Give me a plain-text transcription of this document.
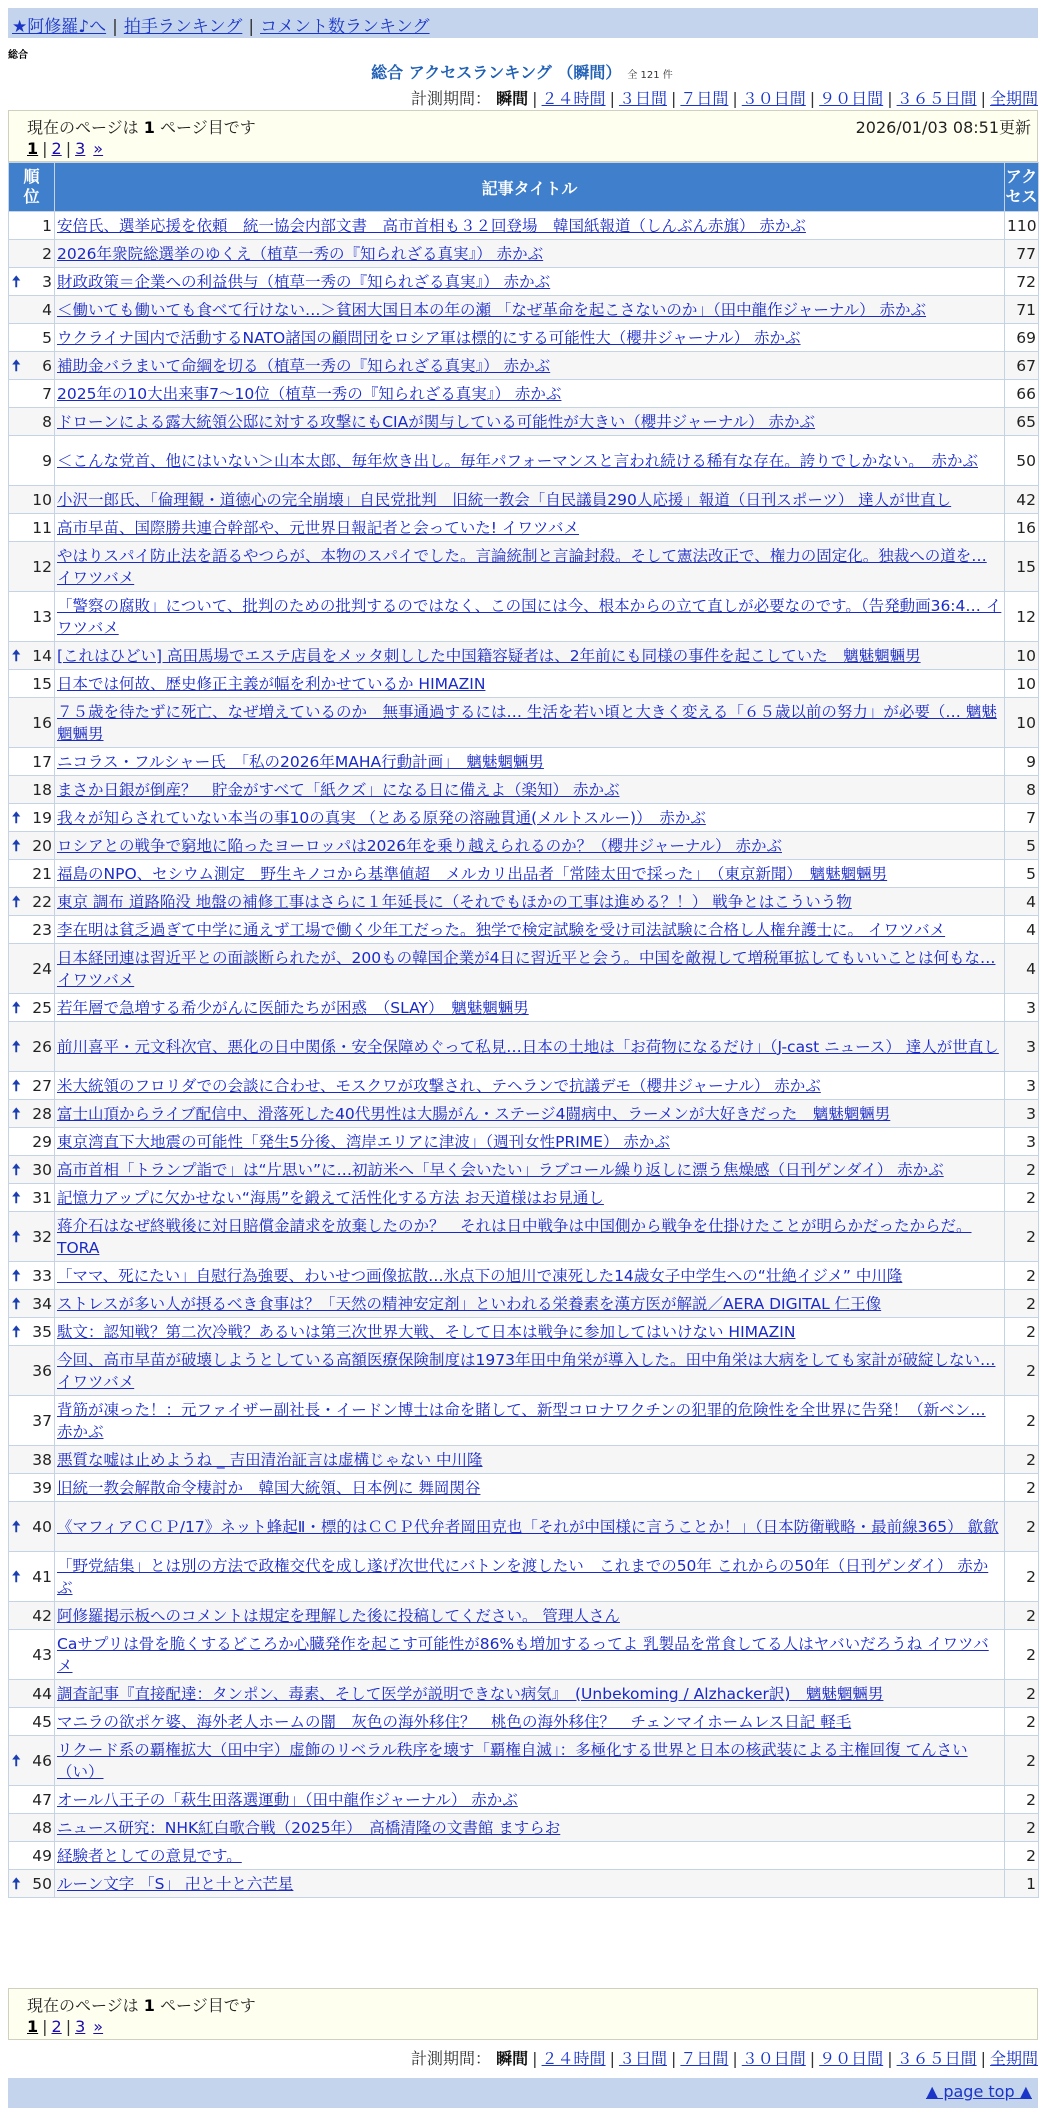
★阿修羅♪へ | 拍手ランキング | コメント数ランキング
総合
総合 アクセスランキング （瞬間） 全 121 件
計測期間： 瞬間 | ２４時間 | ３日間 | ７日間 | ３０日間 | ９０日間 | ３６５日間 | 全期間
現在のページは 1 ページ目です	2026/01/03 08:51更新
1 | 2 | 3 »
順位	記事タイトル	アクセス
1	安倍氏、選挙応援を依頼　統一協会内部文書　高市首相も３２回登場　韓国紙報道（しんぶん赤旗） 赤かぶ	110
2	2026年衆院総選挙のゆくえ（植草一秀の『知られざる真実』） 赤かぶ	77

🠅 3	財政政策＝企業への利益供与（植草一秀の『知られざる真実』） 赤かぶ	72
4	＜働いても働いても食べて行けない…＞貧困大国日本の年の瀬 「なぜ革命を起こさないのか」（田中龍作ジャーナル） 赤かぶ	71
5	ウクライナ国内で活動するNATO諸国の顧問団をロシア軍は標的にする可能性大（櫻井ジャーナル） 赤かぶ	69

🠅 6	補助金バラまいて命綱を切る（植草一秀の『知られざる真実』） 赤かぶ	67
7	2025年の10大出来事7〜10位（植草一秀の『知られざる真実』） 赤かぶ	66
8	ドローンによる露大統領公邸に対する攻撃にもCIAが関与している可能性が大きい（櫻井ジャーナル） 赤かぶ	65
9	＜こんな党首、他にはいない＞山本太郎、毎年炊き出し。毎年パフォーマンスと言われ続ける稀有な存在。誇りでしかない。　赤かぶ	50
10	小沢一郎氏、「倫理観・道徳心の完全崩壊」自民党批判　旧統一教会「自民議員290人応援」報道（日刊スポーツ） 達人が世直し	42
11	高市早苗、国際勝共連合幹部や、元世界日報記者と会っていた! イワツバメ	16
12	やはりスパイ防止法を語るやつらが、本物のスパイでした。言論統制と言論封殺。そして憲法改正で、権力の固定化。独裁への道を… イワツバメ	15
13	「警察の腐敗」について、批判のための批判するのではなく、この国には今、根本からの立て直しが必要なのです。（告発動画36:4… イワツバメ	12

🠅 14	[これはひどい] 高田馬場でエステ店員をメッタ刺しした中国籍容疑者は、2年前にも同様の事件を起こしていた　魑魅魍魎男	10
15	日本では何故、歴史修正主義が幅を利かせているか HIMAZIN	10
16	７５歳を待たずに死亡、なぜ増えているのか　無事通過するには… 生活を若い頃と大きく変える「６５歳以前の努力」が必要（… 魑魅魍魎男	10
17	ニコラス・フルシャー氏　「私の2026年MAHA行動計画」　魑魅魍魎男	9
18	まさか日銀が倒産？　貯金がすべて「紙クズ」になる日に備えよ（楽知） 赤かぶ	8

🠅 19	我々が知らされていない本当の事10の真実 （とある原発の溶融貫通(メルトスルー)）　赤かぶ	7

🠅 20	ロシアとの戦争で窮地に陥ったヨーロッパは2026年を乗り越えられるのか？（櫻井ジャーナル） 赤かぶ	5
21	福島のNPO、セシウム測定　野生キノコから基準値超　メルカリ出品者「常陸太田で採った」　（東京新聞）　魑魅魍魎男	5

🠅 22	東京 調布 道路陥没 地盤の補修工事はさらに１年延長に（それでもほかの工事は進める？！） 戦争とはこういう物	4
23	李在明は貧乏過ぎて中学に通えず工場で働く少年工だった。独学で検定試験を受け司法試験に合格し人権弁護士に。 イワツバメ	4
24	日本経団連は習近平との面談断られたが、200もの韓国企業が4日に習近平と会う。中国を敵視して増税軍拡してもいいことは何もな… イワツバメ	4

🠅 25	若年層で急増する希少がんに医師たちが困惑　（SLAY）　魑魅魍魎男	3

🠅 26	前川喜平・元文科次官、悪化の日中関係・安全保障めぐって私見…日本の土地は「お荷物になるだけ」（J-cast ニュース） 達人が世直し	3

🠅 27	米大統領のフロリダでの会談に合わせ、モスクワが攻撃され、テヘランで抗議デモ（櫻井ジャーナル） 赤かぶ	3

🠅 28	富士山頂からライブ配信中、滑落死した40代男性は大腸がん・ステージ4闘病中、ラーメンが大好きだった　魑魅魍魎男	3
29	東京湾直下大地震の可能性「発生5分後、湾岸エリアに津波」（週刊女性PRIME） 赤かぶ	3

🠅 30	高市首相「トランプ詣で」は“片思い”に…初訪米へ「早く会いたい」ラブコール繰り返しに漂う焦燥感（日刊ゲンダイ） 赤かぶ	2

🠅 31	記憶力アップに欠かせない“海馬”を鍛えて活性化する方法 お天道様はお見通し	2

🠅 32	蒋介石はなぜ終戦後に対日賠償金請求を放棄したのか？　それは日中戦争は中国側から戦争を仕掛けたことが明らかだったからだ。 TORA	2

🠅 33	「ママ、死にたい」自慰行為強要、わいせつ画像拡散…氷点下の旭川で凍死した14歳女子中学生への“壮絶イジメ” 中川隆	2

🠅 34	ストレスが多い人が摂るべき食事は？「天然の精神安定剤」といわれる栄養素を漢方医が解説／AERA DIGITAL 仁王像	2

🠅 35	駄文：認知戦？第二次冷戦？あるいは第三次世界大戦、そして日本は戦争に参加してはいけない HIMAZIN	2
36	今回、高市早苗が破壊しようとしている高額医療保険制度は1973年田中角栄が導入した。田中角栄は大病をしても家計が破綻しない… イワツバメ	2
37	背筋が凍った！：元ファイザー副社長・イードン博士は命を賭して、新型コロナワクチンの犯罪的危険性を全世界に告発！（新ベン… 赤かぶ	2
38	悪質な嘘は止めようね _ 吉田清治証言は虚構じゃない 中川隆	2
39	旧統一教会解散命令棲討か　韓国大統領、日本例に 舞岡関谷	2

🠅 40	《マフィアＣＣＰ/17》ネット蜂起Ⅱ・標的はＣＣＰ代弁者岡田克也「それが中国様に言うことか！」（日本防衛戦略・最前線365） 歙歙	2

🠅 41	「野党結集」とは別の方法で政権交代を成し遂げ次世代にバトンを渡したい　これまでの50年 これからの50年（日刊ゲンダイ） 赤かぶ	2
42	阿修羅掲示板へのコメントは規定を理解した後に投稿してください。 管理人さん	2
43	Caサプリは骨を脆くするどころか心臓発作を起こす可能性が86%も増加するってよ 乳製品を常食してる人はヤバいだろうね イワツバメ	2
44	調査記事『直接配達：タンポン、毒素、そして医学が説明できない病気』　(Unbekoming / Alzhacker訳)　魑魅魍魎男	2
45	マニラの欲ポケ婆、海外老人ホームの闇　灰色の海外移住？　桃色の海外移住？　チェンマイホームレス日記 軽毛	2

🠅 46	リクード系の覇権拡大（田中宇）虚飾のリベラル秩序を壊す「覇権自滅」：多極化する世界と日本の核武装による主権回復 てんさい（い）	2
47	オール八王子の「萩生田落選運動」（田中龍作ジャーナル） 赤かぶ	2
48	ニュース研究：NHK紅白歌合戦（2025年）　高橋清隆の文書館 ますらお	2
49	経験者としての意見です。	2

🠅 50	ルーン文字 「S」 卍と十と六芒星	1
現在のページは 1 ページ目です
1 | 2 | 3 »
計測期間： 瞬間 | ２４時間 | ３日間 | ７日間 | ３０日間 | ９０日間 | ３６５日間 | 全期間
▲ page top ▲
